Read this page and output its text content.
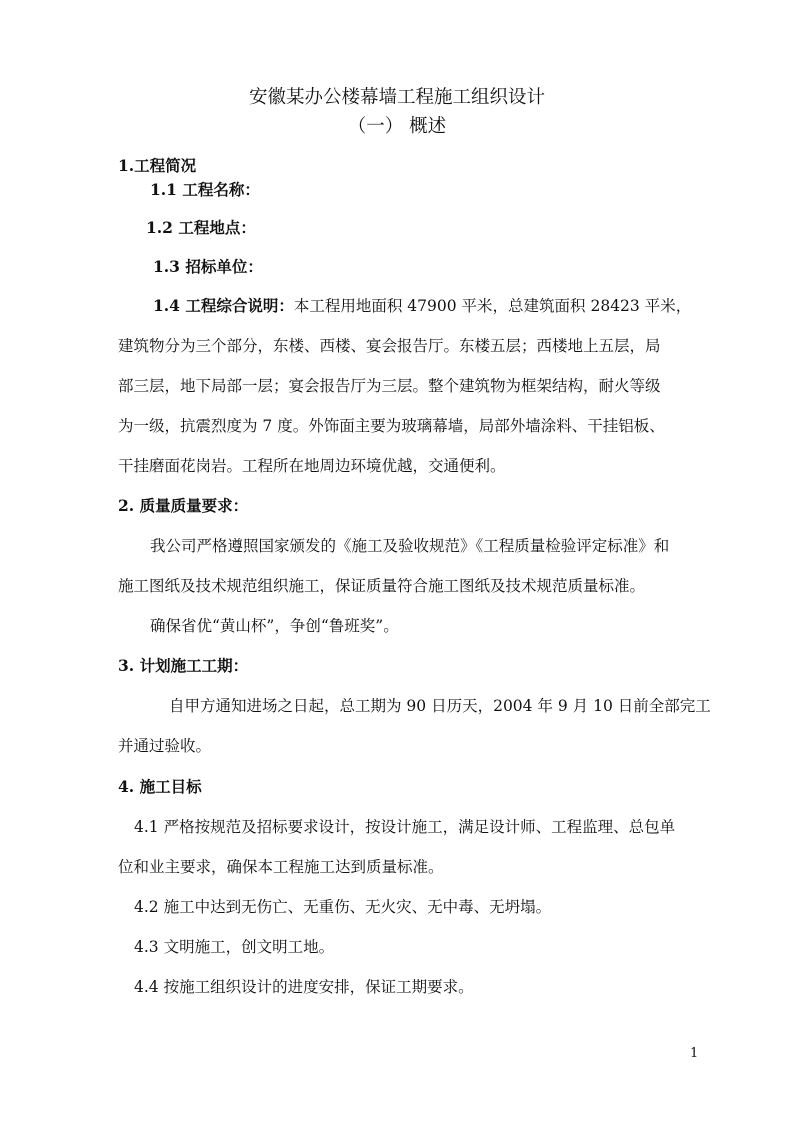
安徽某办公楼幕墙工程施工组织设计
（一） 概述
1.工程简况
1.1 工程名称：
1.2 工程地点：
1.3 招标单位：
1.4 工程综合说明：本工程用地面积 47900 平米，总建筑面积 28423 平米，
建筑物分为三个部分，东楼、西楼、宴会报告厅。东楼五层；西楼地上五层，局
部三层，地下局部一层；宴会报告厅为三层。整个建筑物为框架结构，耐火等级
为一级，抗震烈度为 7 度。外饰面主要为玻璃幕墙，局部外墙涂料、干挂铝板、
干挂磨面花岗岩。工程所在地周边环境优越，交通便利。
2. 质量质量要求：
我公司严格遵照国家颁发的《施工及验收规范》《工程质量检验评定标准》和
施工图纸及技术规范组织施工，保证质量符合施工图纸及技术规范质量标准。
确保省优“黄山杯”，争创“鲁班奖”。
3. 计划施工工期：
自甲方通知进场之日起，总工期为 90 日历天，2004 年 9 月 10 日前全部完工
并通过验收。
4. 施工目标
4.1 严格按规范及招标要求设计，按设计施工，满足设计师、工程监理、总包单
位和业主要求，确保本工程施工达到质量标准。
4.2 施工中达到无伤亡、无重伤、无火灾、无中毒、无坍塌。
4.3 文明施工，创文明工地。
4.4 按施工组织设计的进度安排，保证工期要求。
1
